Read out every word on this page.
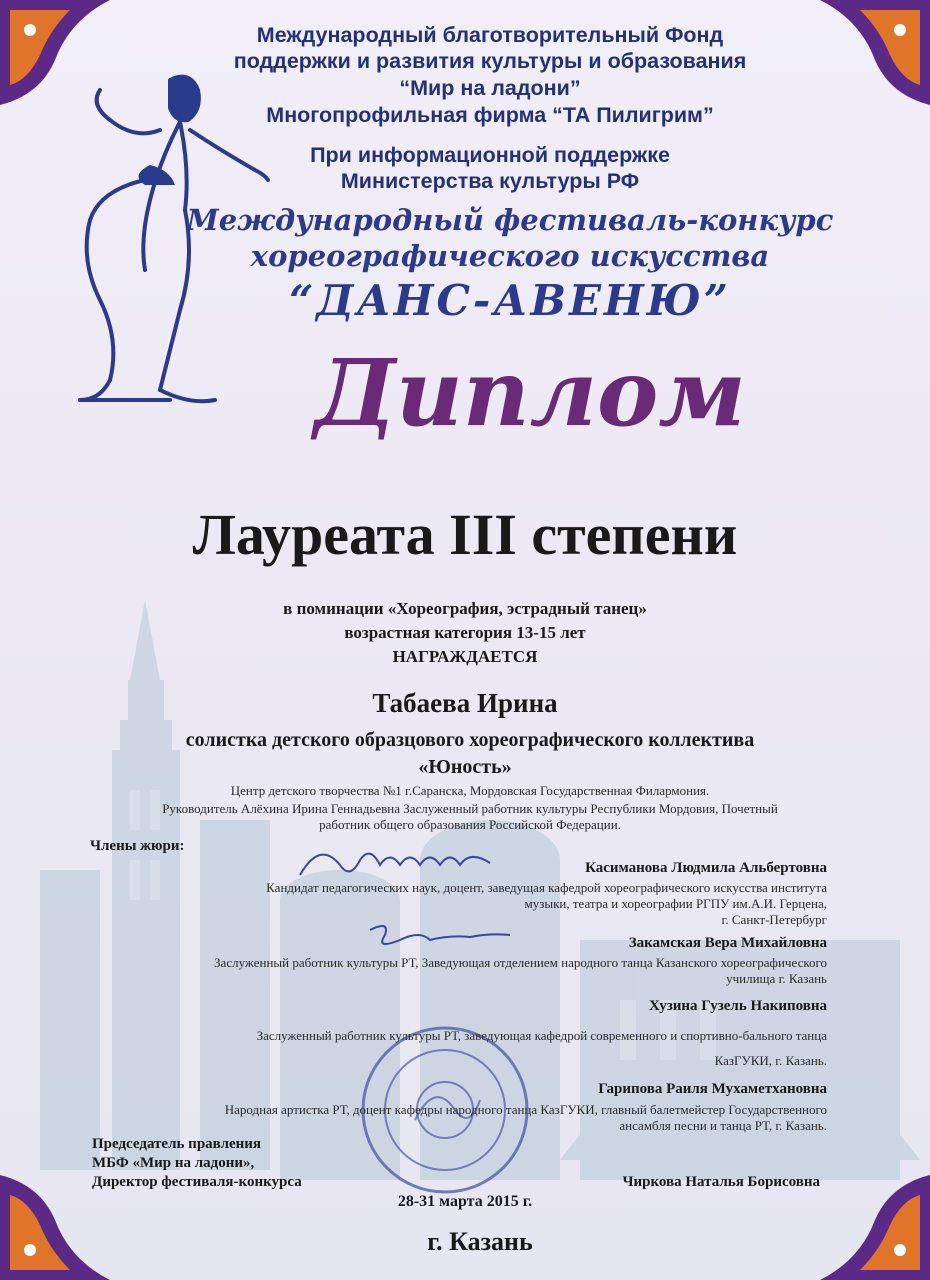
Международный благотворительный Фонд
поддержки и развития культуры и образования
“Мир на ладони”
Многопрофильная фирма “ТА Пилигрим”
При информационной поддержке
Министерства культуры РФ
Международный фестиваль-конкурс
хореографического искусства
“ДАНС-АВЕНЮ”
Диплом
Лауреата III степени
в поминации «Хореография, эстрадный танец»
возрастная категория 13-15 лет
НАГРАЖДАЕТСЯ
Табаева Ирина
солистка детского образцового хореографического коллектива
«Юность»
Центр детского творчества №1 г.Саранска, Мордовская Государственная Филармония.
Руководитель Алёхина Ирина Геннадьевна Заслуженный работник культуры Республики Мордовия, Почетный
работник общего образования Российской Федерации.
Члены жюри:
Касиманова Людмила Альбертовна
Кандидат педагогических наук, доцент, заведущая кафедрой хореографического искусства института
музыки, театра и хореографии РГПУ им.А.И. Герцена,
г. Санкт-Петербург
Закамская Вера Михайловна
Заслуженный работник культуры РТ, Заведующая отделением народного танца Казанского хореографического
училища г. Казань
Хузина Гузель Накиповна
Заслуженный работник культуры РТ, заведующая кафедрой современного и спортивно-бального танца
КазГУКИ, г. Казань.
Гарипова Раиля Мухаметхановна
Народная артистка РТ, доцент кафедры народного танца КазГУКИ, главный балетмейстер Государственного
ансамбля песни и танца РТ, г. Казань.
Председатель правления
МБФ «Мир на ладони»,
Директор фестиваля-конкурса	Чиркова Наталья Борисовна
28-31 марта 2015 г.
г. Казань
